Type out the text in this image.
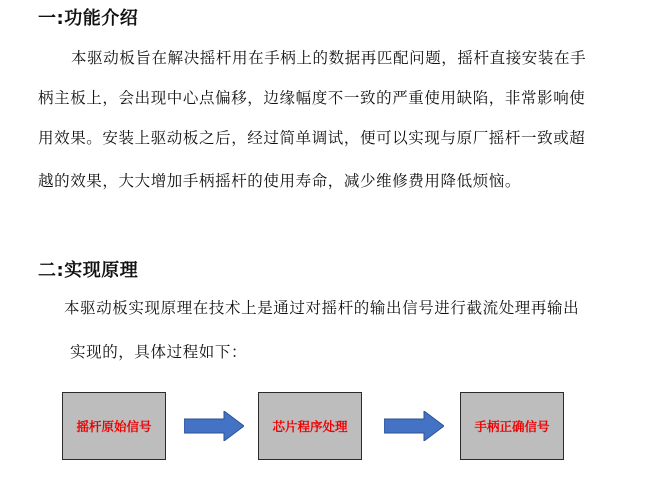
一:功能介绍

本驱动板旨在解决摇杆用在手柄上的数据再匹配问题，摇杆直接安装在手

柄主板上，会出现中心点偏移，边缘幅度不一致的严重使用缺陷，非常影响使

用效果。安装上驱动板之后，经过简单调试，便可以实现与原厂摇杆一致或超

越的效果，大大增加手柄摇杆的使用寿命，减少维修费用降低烦恼。

二:实现原理

本驱动板实现原理在技术上是通过对摇杆的输出信号进行截流处理再输出

实现的，具体过程如下：

摇杆原始信号	芯片程序处理	手柄正确信号
